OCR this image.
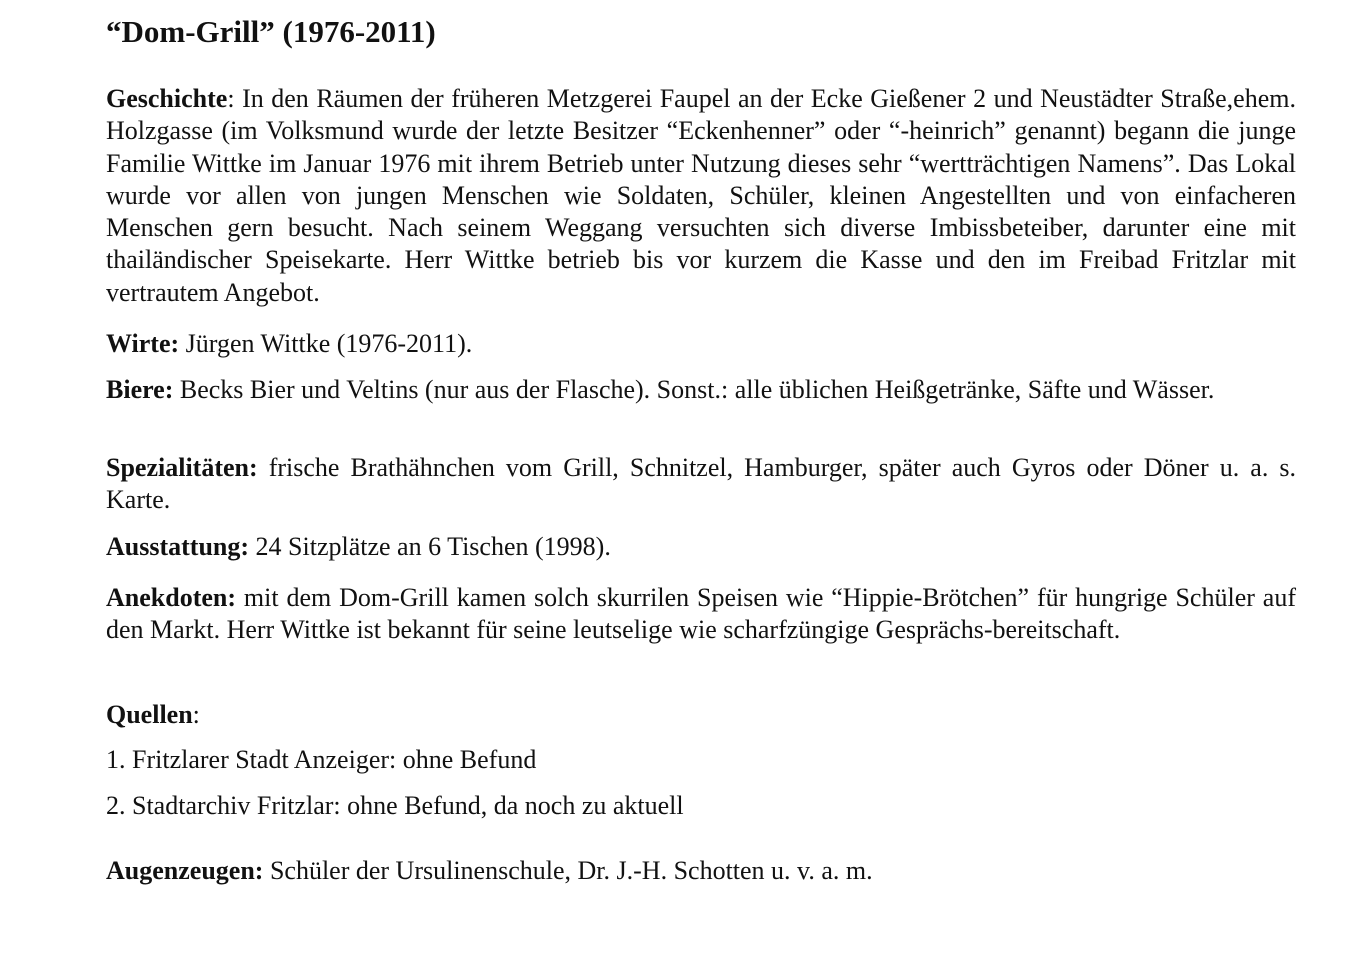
“Dom-Grill” (1976-2011)

Geschichte: In den Räumen der früheren Metzgerei Faupel an der Ecke Gießener 2 und Neustädter Straße,ehem. Holzgasse (im Volksmund wurde der letzte Besitzer “Eckenhenner” oder “-heinrich” genannt) begann die junge Familie Wittke im Januar 1976 mit ihrem Betrieb unter Nutzung dieses sehr “wertträchtigen Namens”. Das Lokal wurde vor allen von jungen Menschen wie Soldaten, Schüler, kleinen Angestellten und von einfacheren Menschen gern besucht. Nach seinem Weggang versuchten sich diverse Imbissbeteiber, darunter eine mit thailändischer Speisekarte. Herr Wittke betrieb bis vor kurzem die Kasse und den im Freibad Fritzlar mit vertrautem Angebot.

Wirte: Jürgen Wittke (1976-2011).

Biere: Becks Bier und Veltins (nur aus der Flasche). Sonst.: alle üblichen Heißgetränke, Säfte und Wässer.

Spezialitäten: frische Brathähnchen vom Grill, Schnitzel, Hamburger, später auch Gyros oder Döner u. a. s. Karte.

Ausstattung: 24 Sitzplätze an 6 Tischen (1998).

Anekdoten: mit dem Dom-Grill kamen solch skurrilen Speisen wie “Hippie-Brötchen” für hungrige Schüler auf den Markt. Herr Wittke ist bekannt für seine leutselige wie scharfzüngige Gesprächs-bereitschaft.

Quellen:

1. Fritzlarer Stadt Anzeiger: ohne Befund

2. Stadtarchiv Fritzlar: ohne Befund, da noch zu aktuell

Augenzeugen: Schüler der Ursulinenschule, Dr. J.-H. Schotten u. v. a. m.
